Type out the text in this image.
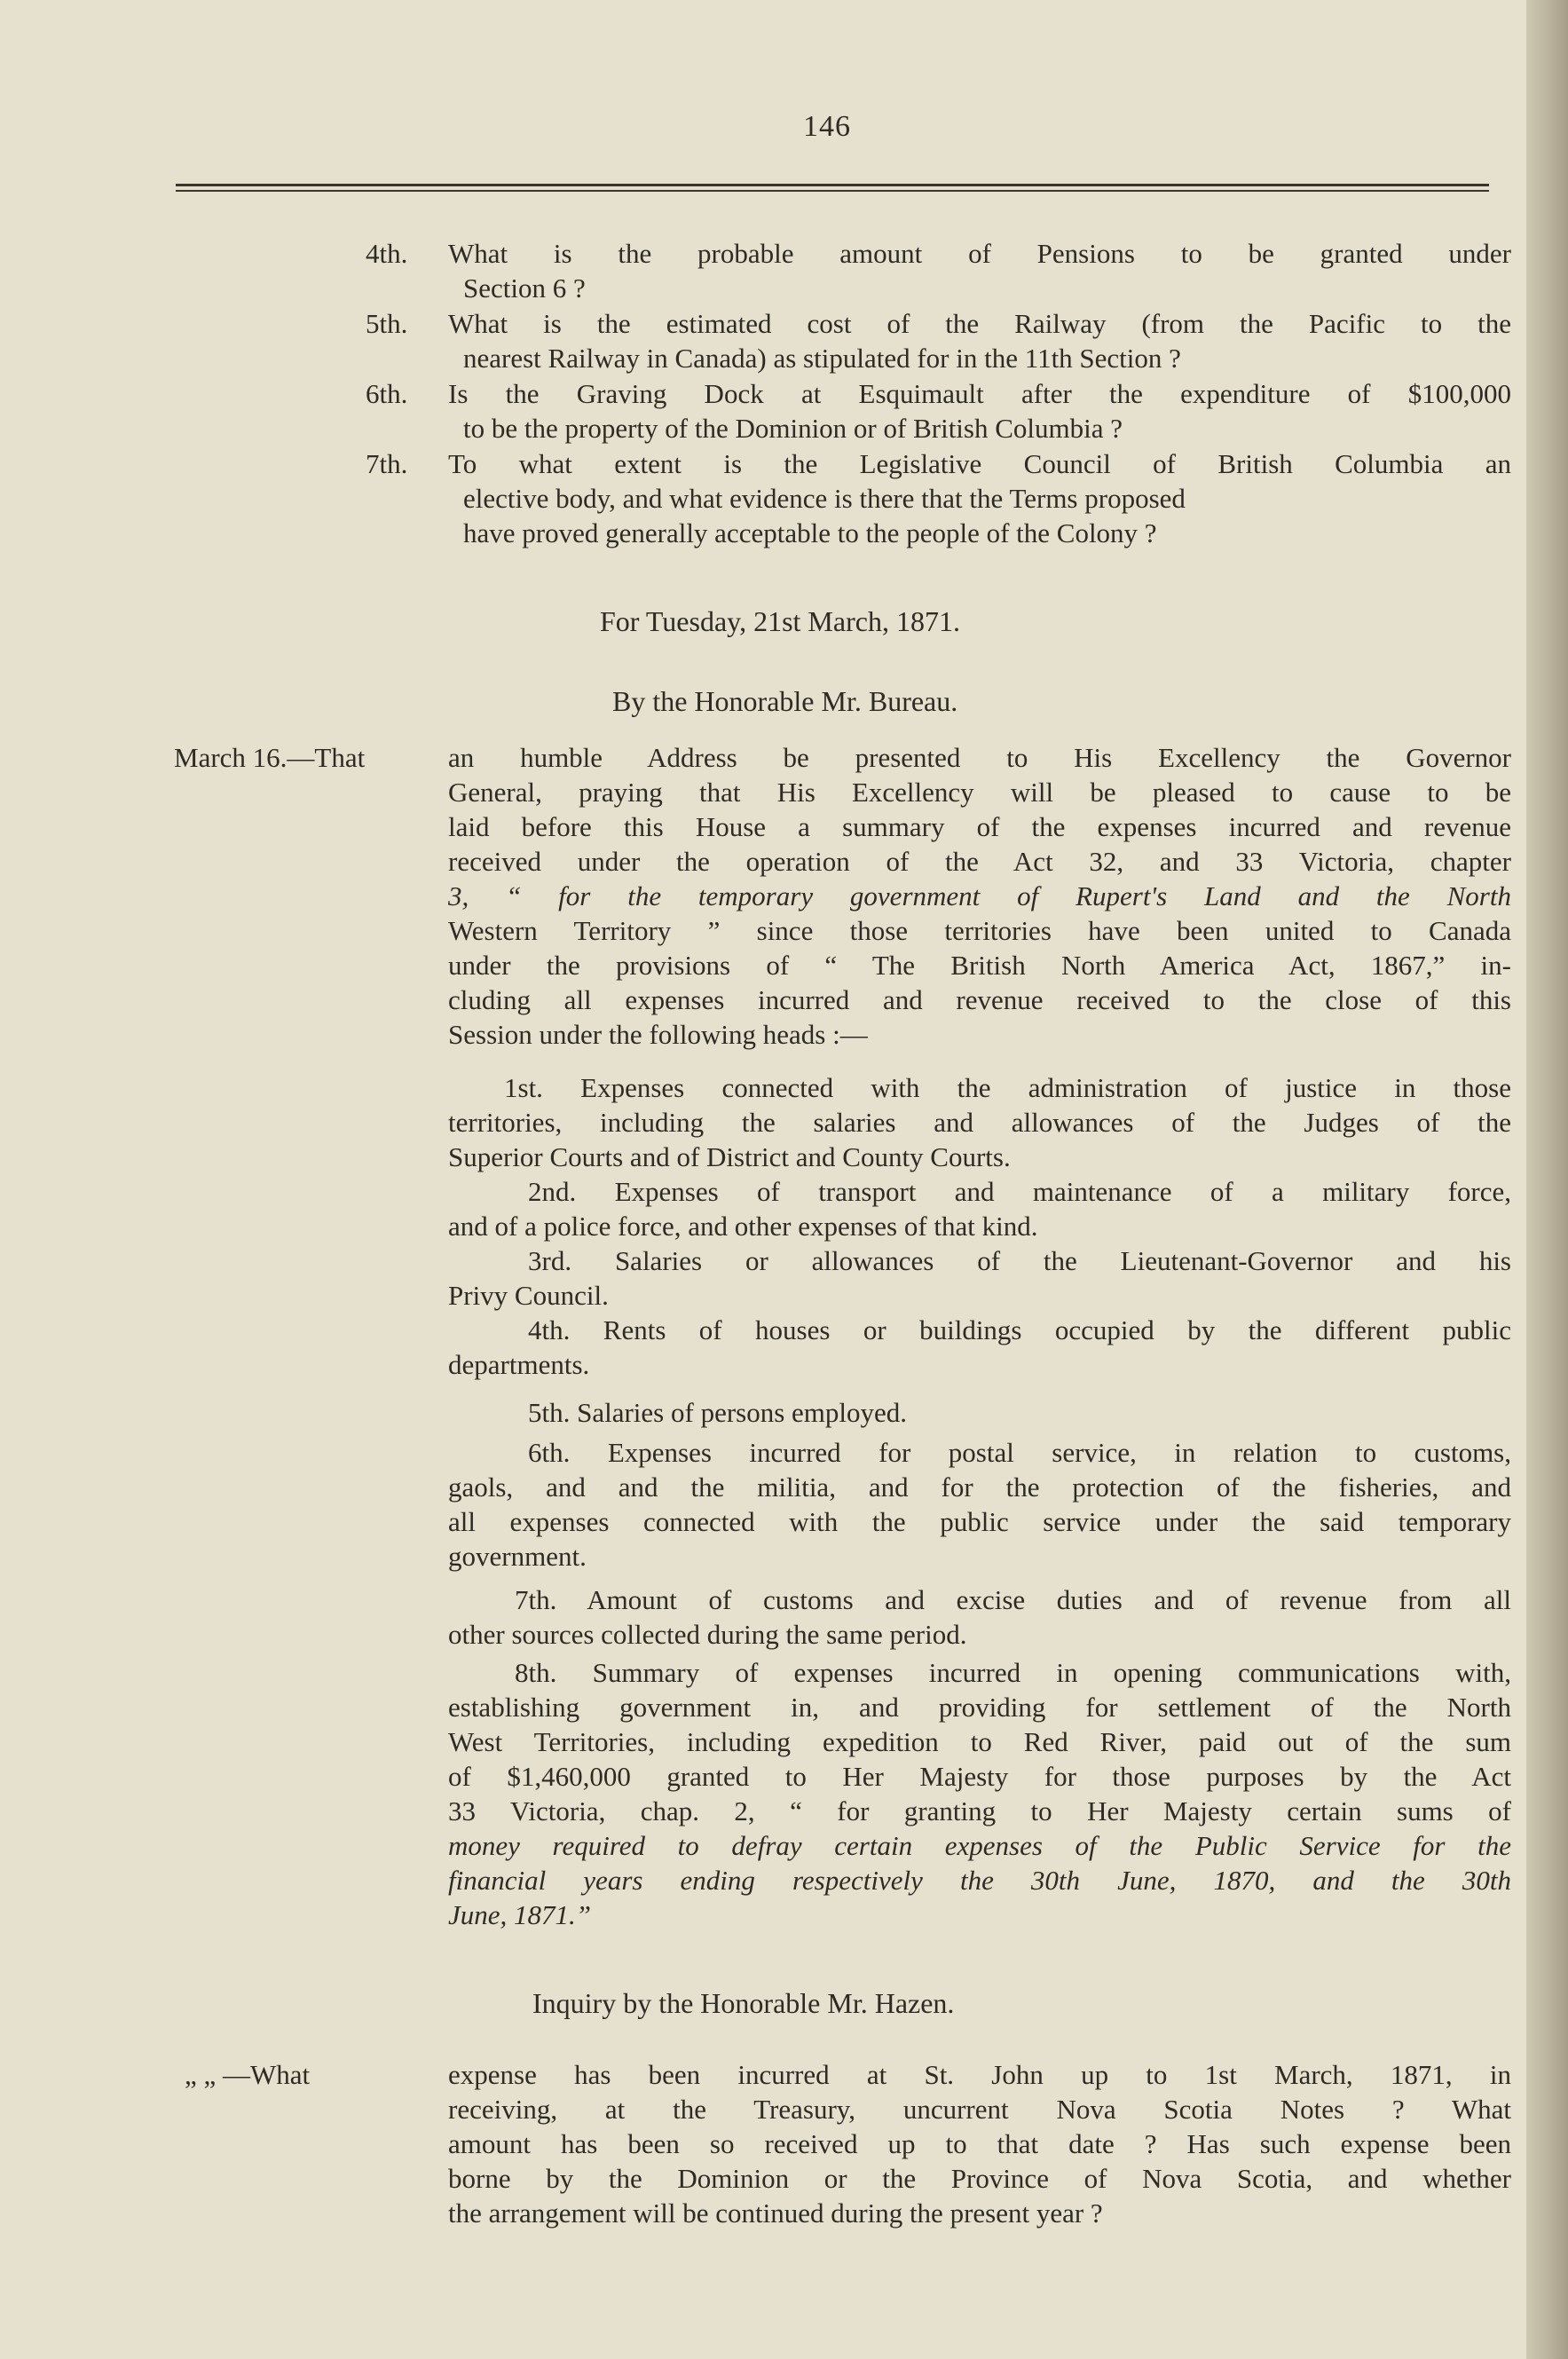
146
4th. What is the probable amount of Pensions to be granted under
Section 6 ?
5th. What is the estimated cost of the Railway (from the Pacific to the
nearest Railway in Canada) as stipulated for in the 11th Section ?
6th. Is the Graving Dock at Esquimault after the expenditure of $100,000
to be the property of the Dominion or of British Columbia ?
7th. To what extent is the Legislative Council of British Columbia an
elective body, and what evidence is there that the Terms proposed
have proved generally acceptable to the people of the Colony ?
For Tuesday, 21st March, 1871.
By the Honorable Mr. Bureau.
March 16.—That	an humble Address be presented to His Excellency the Governor
General, praying that His Excellency will be pleased to cause to be
laid before this House a summary of the expenses incurred and revenue
received under the operation of the Act 32, and 33 Victoria, chapter
3, “ for the temporary government of Rupert's Land and the North
Western Territory ” since those territories have been united to Canada
under the provisions of “ The British North America Act, 1867,” in-
cluding all expenses incurred and revenue received to the close of this
Session under the following heads :—
1st. Expenses connected with the administration of justice in those
territories, including the salaries and allowances of the Judges of the
Superior Courts and of District and County Courts.
2nd. Expenses of transport and maintenance of a military force,
and of a police force, and other expenses of that kind.
3rd. Salaries or allowances of the Lieutenant-Governor and his
Privy Council.
4th. Rents of houses or buildings occupied by the different public
departments.
5th. Salaries of persons employed.
6th. Expenses incurred for postal service, in relation to customs,
gaols, and and the militia, and for the protection of the fisheries, and
all expenses connected with the public service under the said temporary
government.
7th. Amount of customs and excise duties and of revenue from all
other sources collected during the same period.
8th. Summary of expenses incurred in opening communications with,
establishing government in, and providing for settlement of the North
West Territories, including expedition to Red River, paid out of the sum
of $1,460,000 granted to Her Majesty for those purposes by the Act
33 Victoria, chap. 2, “ for granting to Her Majesty certain sums of
money required to defray certain expenses of the Public Service for the
financial years ending respectively the 30th June, 1870, and the 30th
June, 1871.”
Inquiry by the Honorable Mr. Hazen.
„ „ —What	expense has been incurred at St. John up to 1st March, 1871, in
receiving, at the Treasury, uncurrent Nova Scotia Notes ? What
amount has been so received up to that date ? Has such expense been
borne by the Dominion or the Province of Nova Scotia, and whether
the arrangement will be continued during the present year ?
